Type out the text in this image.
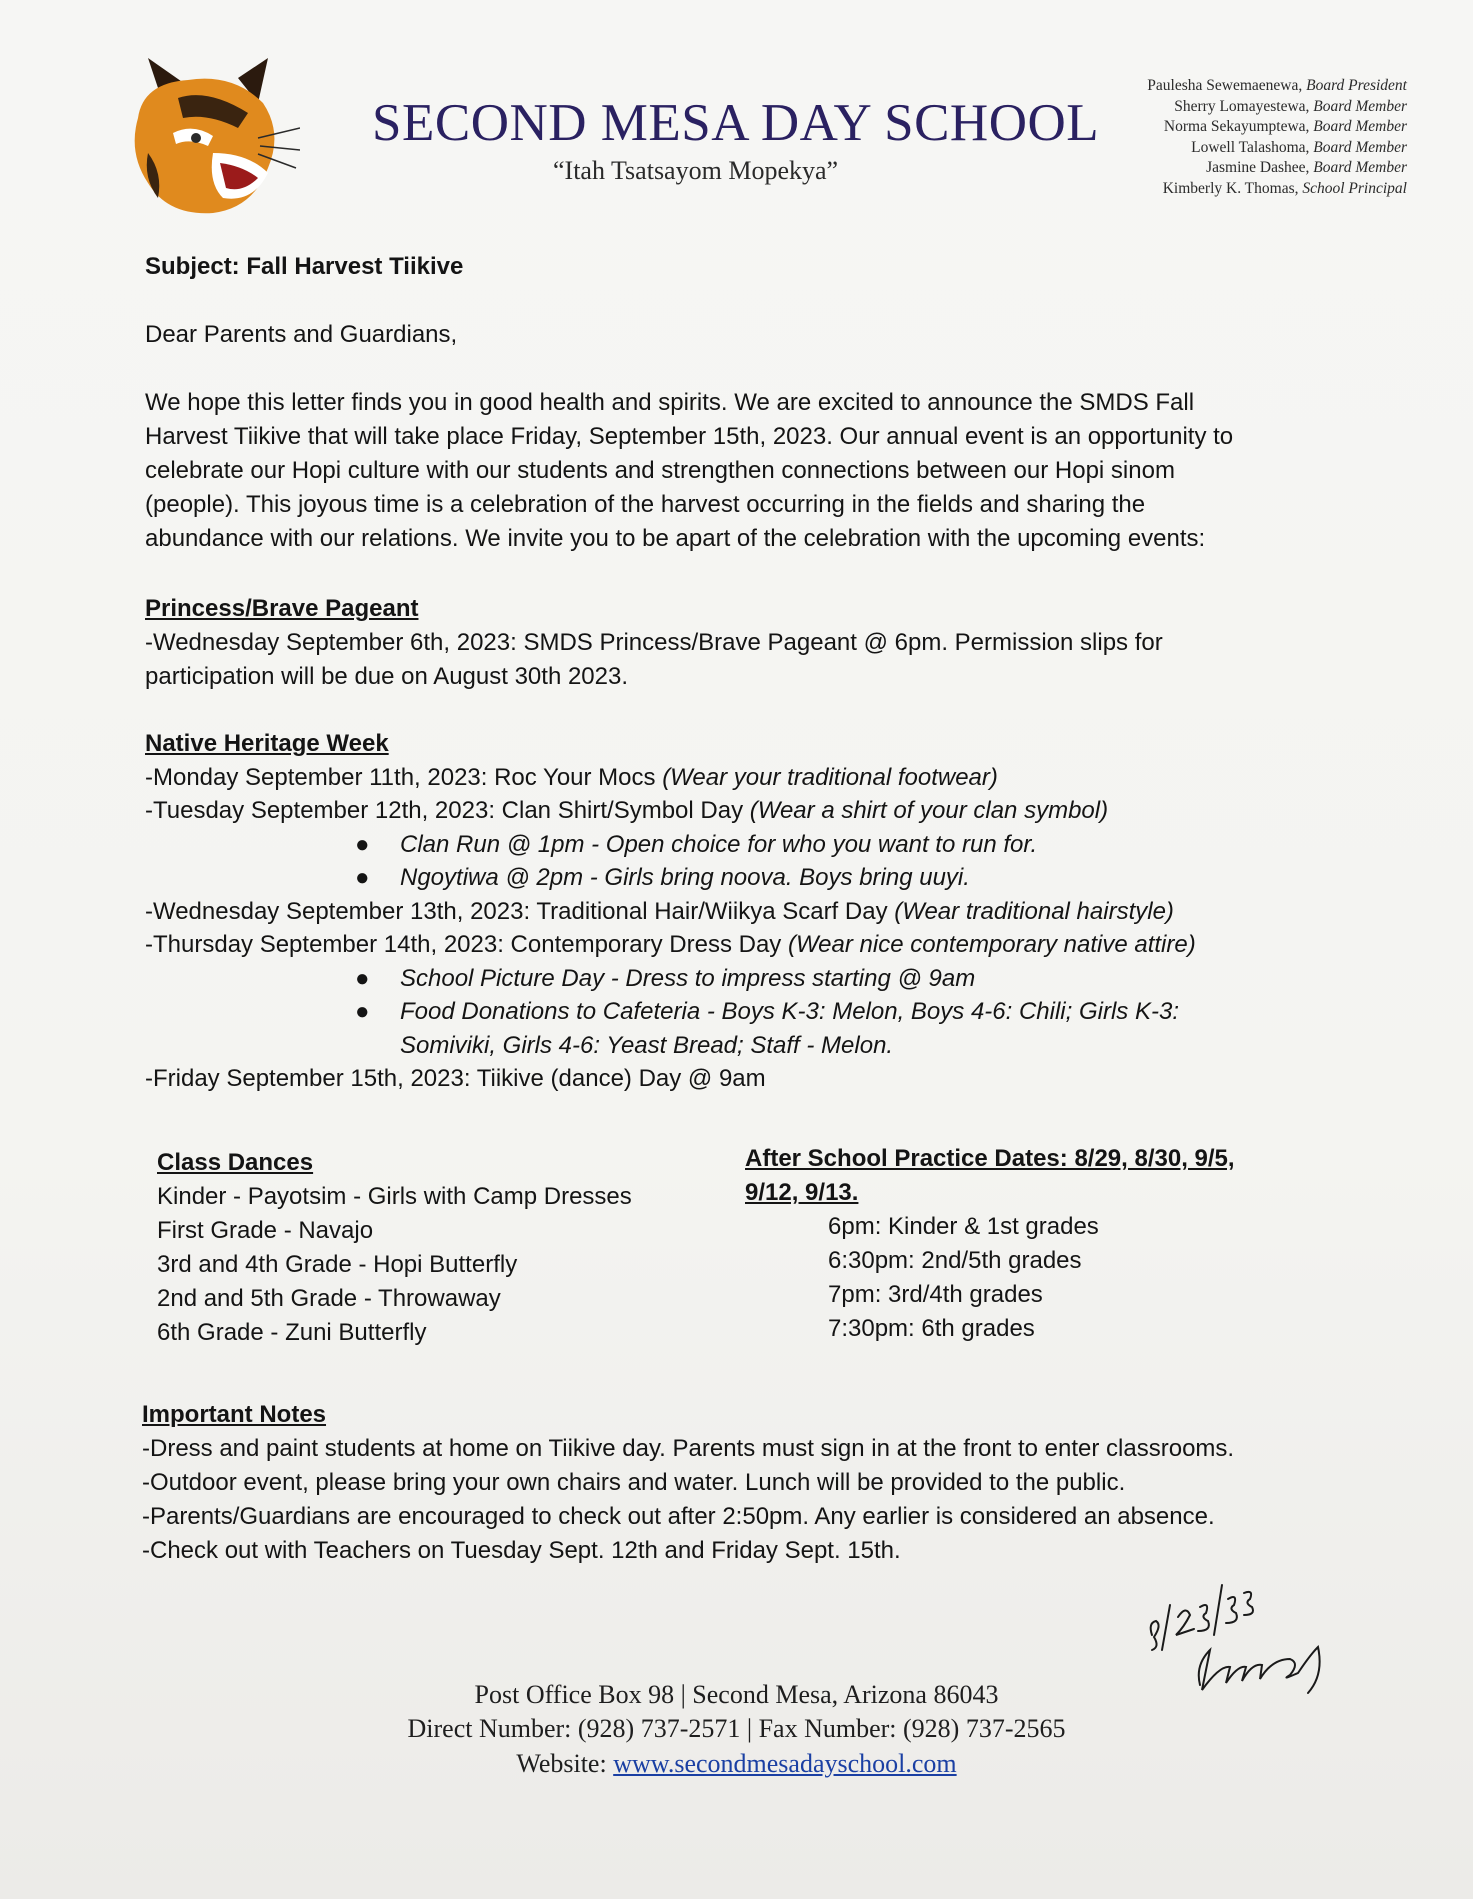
SECOND MESA DAY SCHOOL
“Itah Tsatsayom Mopekya”
Paulesha Sewemaenewa, Board President
Sherry Lomayestewa, Board Member
Norma Sekayumptewa, Board Member
Lowell Talashoma, Board Member
Jasmine Dashee, Board Member
Kimberly K. Thomas, School Principal
Subject: Fall Harvest Tiikive
Dear Parents and Guardians,
We hope this letter finds you in good health and spirits. We are excited to announce the SMDS Fall
Harvest Tiikive that will take place Friday, September 15th, 2023. Our annual event is an opportunity to
celebrate our Hopi culture with our students and strengthen connections between our Hopi sinom
(people). This joyous time is a celebration of the harvest occurring in the fields and sharing the
abundance with our relations. We invite you to be apart of the celebration with the upcoming events:
Princess/Brave Pageant
-Wednesday September 6th, 2023: SMDS Princess/Brave Pageant @ 6pm. Permission slips for
participation will be due on August 30th 2023.
Native Heritage Week
-Monday September 11th, 2023: Roc Your Mocs (Wear your traditional footwear)
-Tuesday September 12th, 2023: Clan Shirt/Symbol Day (Wear a shirt of your clan symbol)
● Clan Run @ 1pm - Open choice for who you want to run for.
● Ngoytiwa @ 2pm - Girls bring noova. Boys bring uuyi.
-Wednesday September 13th, 2023: Traditional Hair/Wiikya Scarf Day (Wear traditional hairstyle)
-Thursday September 14th, 2023: Contemporary Dress Day (Wear nice contemporary native attire)
● School Picture Day - Dress to impress starting @ 9am
● Food Donations to Cafeteria - Boys K-3: Melon, Boys 4-6: Chili; Girls K-3:
Somiviki, Girls 4-6: Yeast Bread; Staff - Melon.
-Friday September 15th, 2023: Tiikive (dance) Day @ 9am
Class Dances
Kinder - Payotsim - Girls with Camp Dresses
First Grade - Navajo
3rd and 4th Grade - Hopi Butterfly
2nd and 5th Grade - Throwaway
6th Grade - Zuni Butterfly
After School Practice Dates: 8/29, 8/30, 9/5,
9/12, 9/13.
6pm: Kinder & 1st grades
6:30pm: 2nd/5th grades
7pm: 3rd/4th grades
7:30pm: 6th grades
Important Notes
-Dress and paint students at home on Tiikive day. Parents must sign in at the front to enter classrooms.
-Outdoor event, please bring your own chairs and water. Lunch will be provided to the public.
-Parents/Guardians are encouraged to check out after 2:50pm. Any earlier is considered an absence.
-Check out with Teachers on Tuesday Sept. 12th and Friday Sept. 15th.
Post Office Box 98 | Second Mesa, Arizona 86043
Direct Number: (928) 737-2571 | Fax Number: (928) 737-2565
Website: www.secondmesadayschool.com
